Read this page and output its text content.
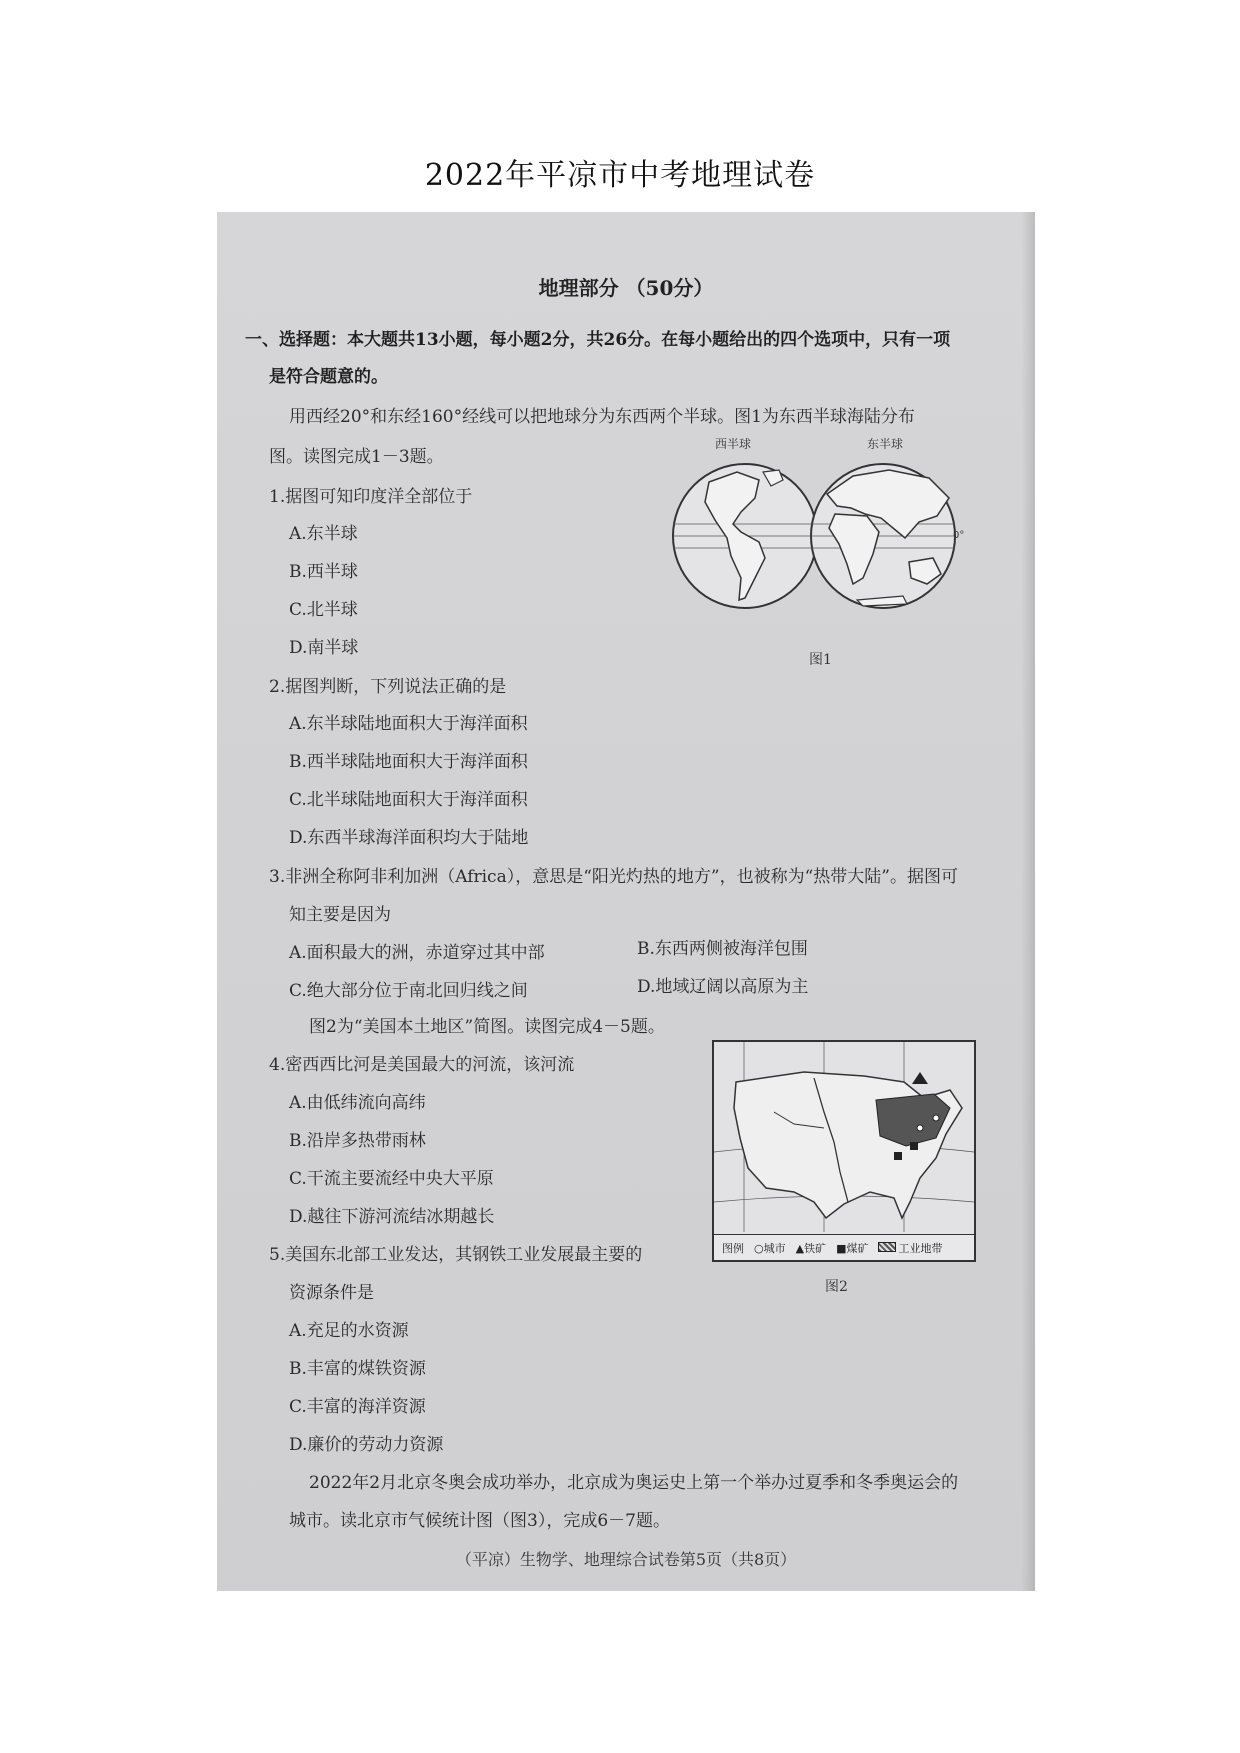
2022年平凉市中考地理试卷
地理部分 （50分）
一、选择题：本大题共13小题，每小题2分，共26分。在每小题给出的四个选项中，只有一项
是符合题意的。
用西经20°和东经160°经线可以把地球分为东西两个半球。图1为东西半球海陆分布
图。读图完成1－3题。
西半球	东半球
0°
图1
1.据图可知印度洋全部位于
A.东半球
B.西半球
C.北半球
D.南半球
2.据图判断，下列说法正确的是
A.东半球陆地面积大于海洋面积
B.西半球陆地面积大于海洋面积
C.北半球陆地面积大于海洋面积
D.东西半球海洋面积均大于陆地
3.非洲全称阿非利加洲（Africa），意思是“阳光灼热的地方”，也被称为“热带大陆”。据图可
知主要是因为
A.面积最大的洲，赤道穿过其中部	B.东西两侧被海洋包围
C.绝大部分位于南北回归线之间	D.地域辽阔以高原为主
图2为“美国本土地区”简图。读图完成4－5题。
图例 ○城市 ▲铁矿 ■煤矿	工业地带
图2
4.密西西比河是美国最大的河流，该河流
A.由低纬流向高纬
B.沿岸多热带雨林
C.干流主要流经中央大平原
D.越往下游河流结冰期越长
5.美国东北部工业发达，其钢铁工业发展最主要的
资源条件是
A.充足的水资源
B.丰富的煤铁资源
C.丰富的海洋资源
D.廉价的劳动力资源
2022年2月北京冬奥会成功举办，北京成为奥运史上第一个举办过夏季和冬季奥运会的
城市。读北京市气候统计图（图3），完成6－7题。
（平凉）生物学、地理综合试卷第5页（共8页）
